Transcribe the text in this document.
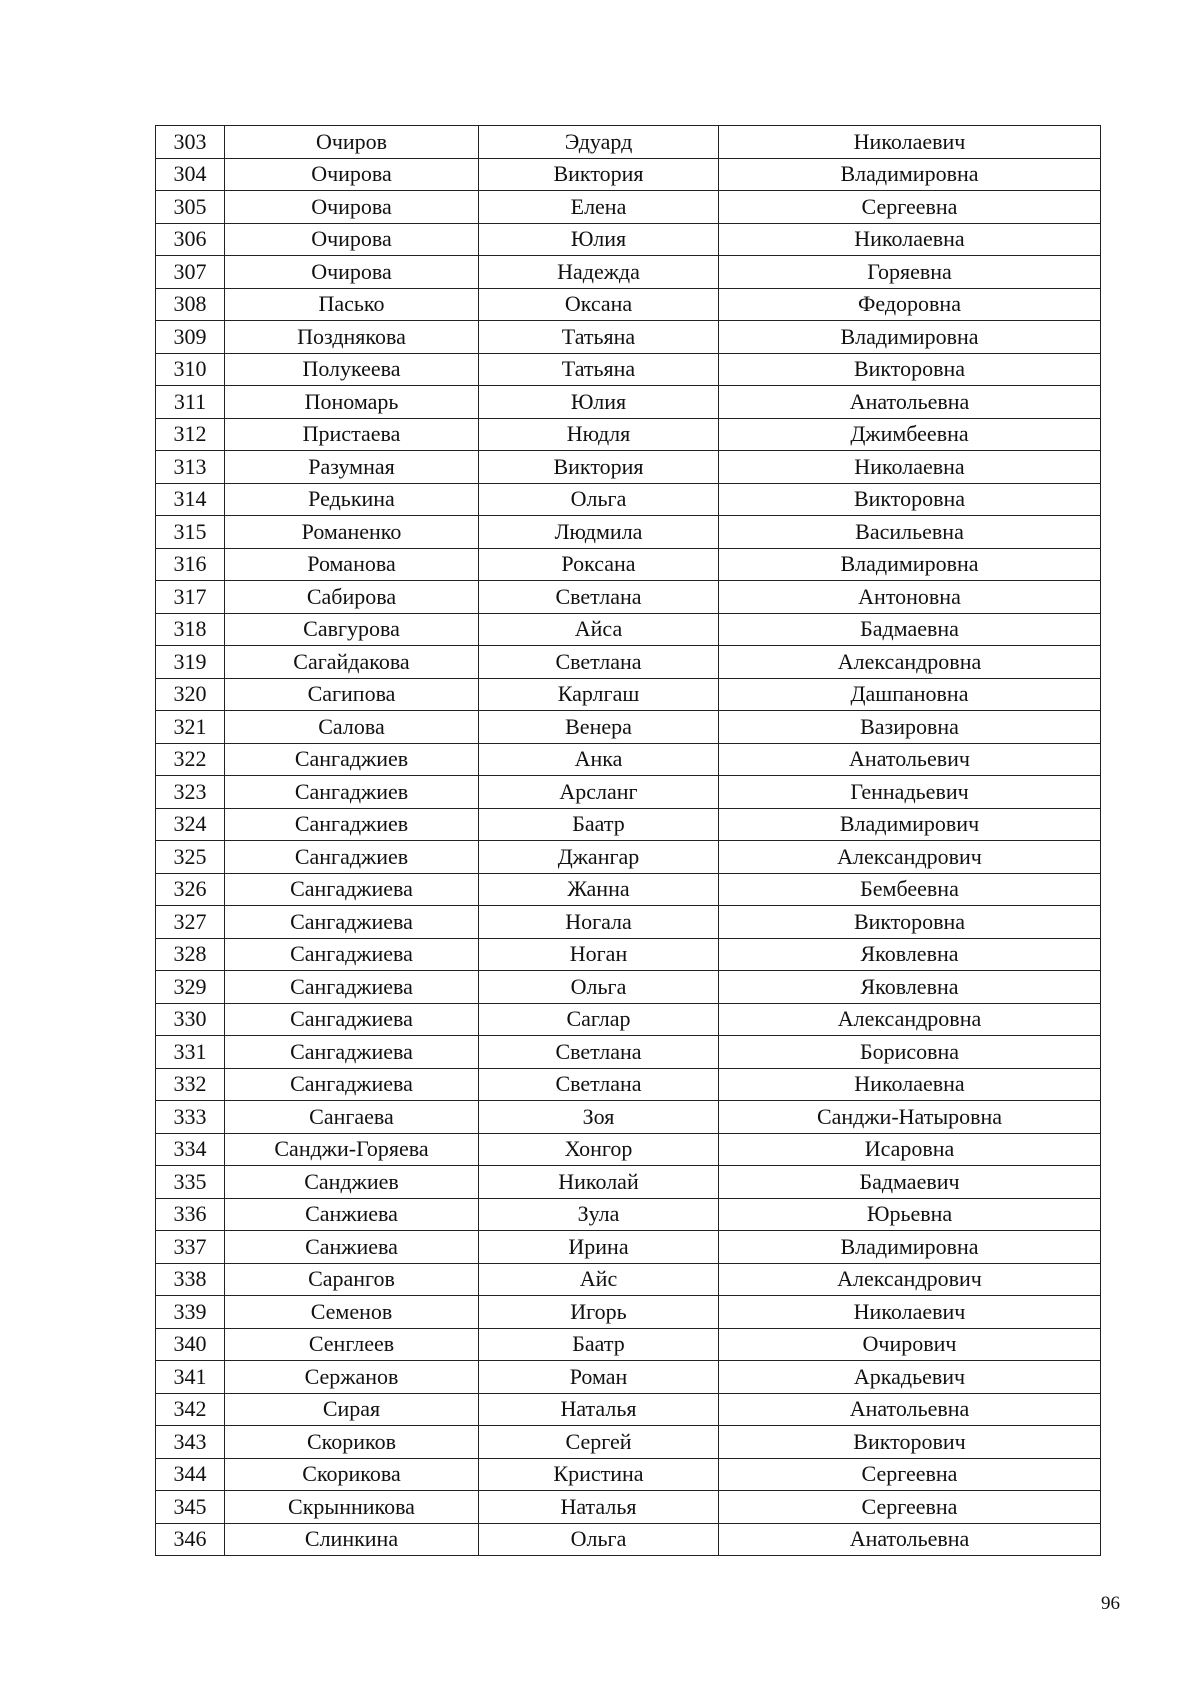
303	Очиров	Эдуард	Николаевич
304	Очирова	Виктория	Владимировна
305	Очирова	Елена	Сергеевна
306	Очирова	Юлия	Николаевна
307	Очирова	Надежда	Горяевна
308	Пасько	Оксана	Федоровна
309	Позднякова	Татьяна	Владимировна
310	Полукеева	Татьяна	Викторовна
311	Пономарь	Юлия	Анатольевна
312	Пристаева	Нюдля	Джимбеевна
313	Разумная	Виктория	Николаевна
314	Редькина	Ольга	Викторовна
315	Романенко	Людмила	Васильевна
316	Романова	Роксана	Владимировна
317	Сабирова	Светлана	Антоновна
318	Савгурова	Айса	Бадмаевна
319	Сагайдакова	Светлана	Александровна
320	Сагипова	Карлгаш	Дашпановна
321	Салова	Венера	Вазировна
322	Сангаджиев	Анка	Анатольевич
323	Сангаджиев	Арсланг	Геннадьевич
324	Сангаджиев	Баатр	Владимирович
325	Сангаджиев	Джангар	Александрович
326	Сангаджиева	Жанна	Бембеевна
327	Сангаджиева	Ногала	Викторовна
328	Сангаджиева	Ноган	Яковлевна
329	Сангаджиева	Ольга	Яковлевна
330	Сангаджиева	Саглар	Александровна
331	Сангаджиева	Светлана	Борисовна
332	Сангаджиева	Светлана	Николаевна
333	Сангаева	Зоя	Санджи-Натыровна
334	Санджи-Горяева	Хонгор	Исаровна
335	Санджиев	Николай	Бадмаевич
336	Санжиева	Зула	Юрьевна
337	Санжиева	Ирина	Владимировна
338	Сарангов	Айс	Александрович
339	Семенов	Игорь	Николаевич
340	Сенглеев	Баатр	Очирович
341	Сержанов	Роман	Аркадьевич
342	Сирая	Наталья	Анатольевна
343	Скориков	Сергей	Викторович
344	Скорикова	Кристина	Сергеевна
345	Скрынникова	Наталья	Сергеевна
346	Слинкина	Ольга	Анатольевна
96
